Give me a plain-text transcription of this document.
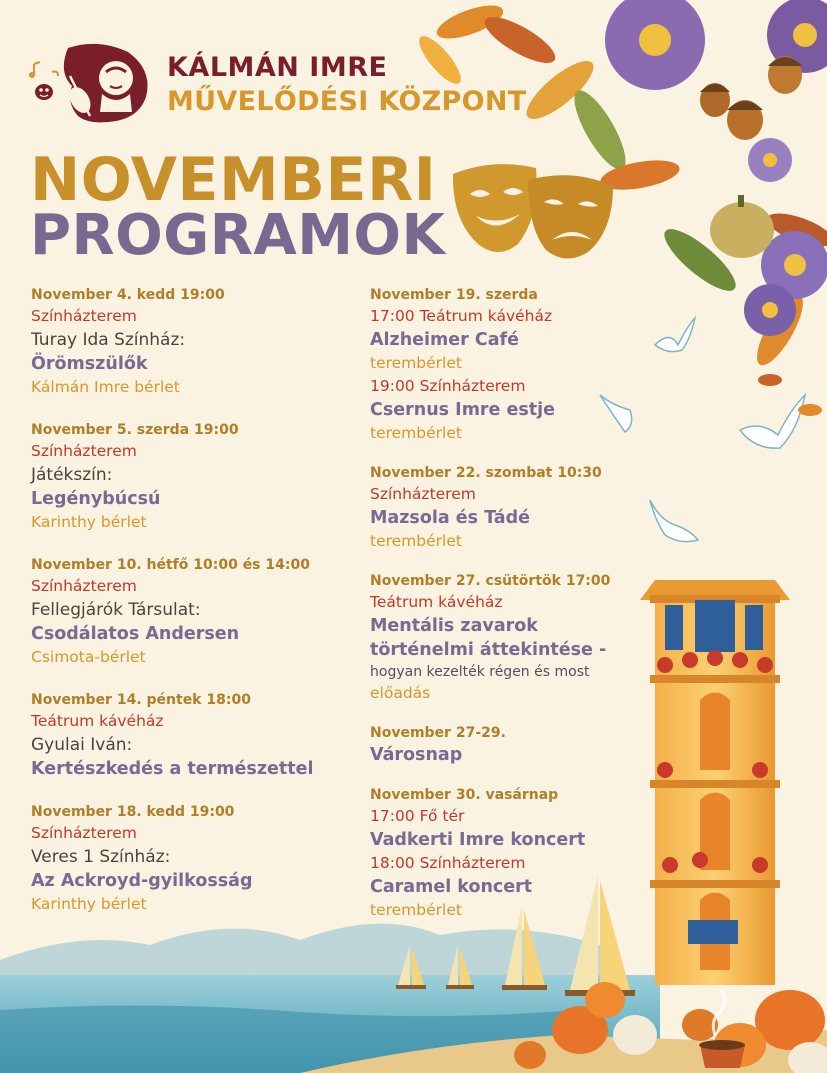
KÁLMÁN IMRE
MŰVELŐDÉSI KÖZPONT
NOVEMBERI
PROGRAMOK
November 4. kedd 19:00
Színházterem
Turay Ida Színház:
Örömszülők
Kálmán Imre bérlet
November 5. szerda 19:00
Színházterem
Játékszín:
Legénybúcsú
Karinthy bérlet
November 10. hétfő 10:00 és 14:00
Színházterem
Fellegjárók Társulat:
Csodálatos Andersen
Csimota-bérlet
November 14. péntek 18:00
Teátrum kávéház
Gyulai Iván:
Kertészkedés a természettel
November 18. kedd 19:00
Színházterem
Veres 1 Színház:
Az Ackroyd-gyilkosság
Karinthy bérlet
November 19. szerda
17:00 Teátrum kávéház
Alzheimer Café
terembérlet
19:00 Színházterem
Csernus Imre estje
terembérlet
November 22. szombat 10:30
Színházterem
Mazsola és Tádé
terembérlet
November 27. csütörtök 17:00
Teátrum kávéház
Mentális zavarok
történelmi áttekintése -
hogyan kezelték régen és most
előadás
November 27-29.
Városnap
November 30. vasárnap
17:00 Fő tér
Vadkerti Imre koncert
18:00 Színházterem
Caramel koncert
terembérlet
